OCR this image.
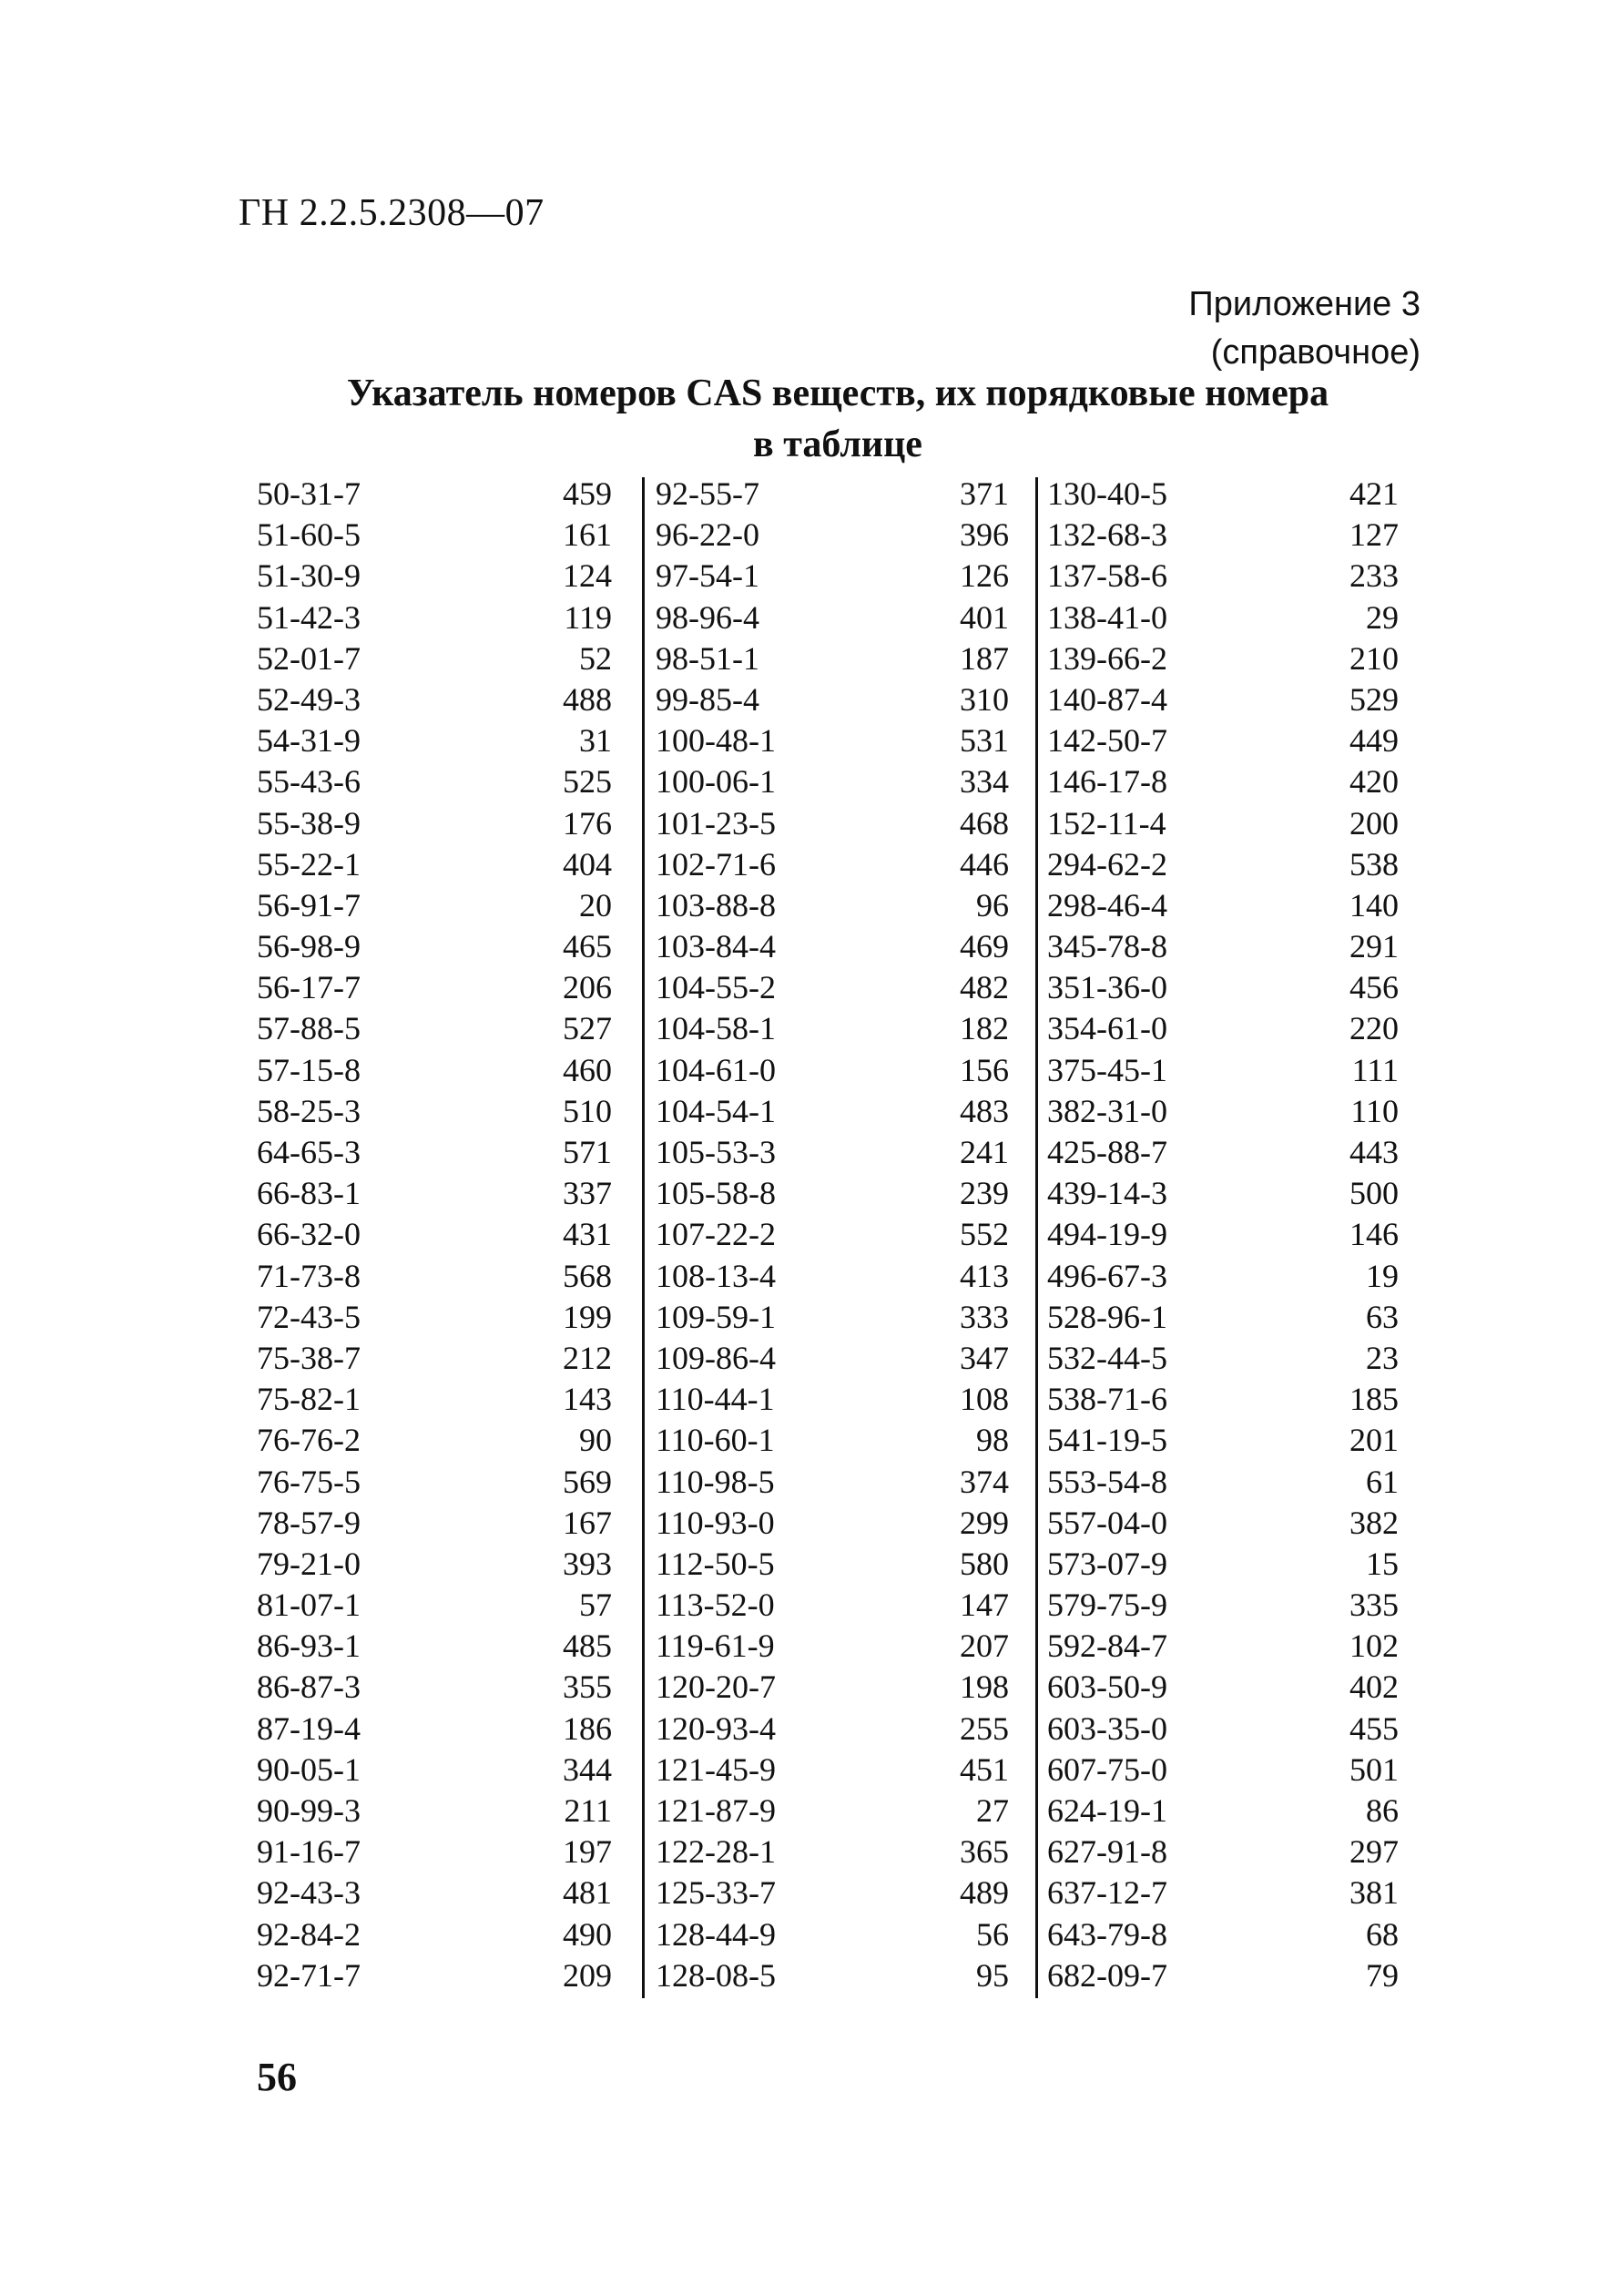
ГН 2.2.5.2308—07
Приложение 3
(справочное)
Указатель номеров CAS веществ, их порядковые номера
в таблице
50-31-7	459
51-60-5	161
51-30-9	124
51-42-3	119
52-01-7	52
52-49-3	488
54-31-9	31
55-43-6	525
55-38-9	176
55-22-1	404
56-91-7	20
56-98-9	465
56-17-7	206
57-88-5	527
57-15-8	460
58-25-3	510
64-65-3	571
66-83-1	337
66-32-0	431
71-73-8	568
72-43-5	199
75-38-7	212
75-82-1	143
76-76-2	90
76-75-5	569
78-57-9	167
79-21-0	393
81-07-1	57
86-93-1	485
86-87-3	355
87-19-4	186
90-05-1	344
90-99-3	211
91-16-7	197
92-43-3	481
92-84-2	490
92-71-7	209
92-55-7	371
96-22-0	396
97-54-1	126
98-96-4	401
98-51-1	187
99-85-4	310
100-48-1	531
100-06-1	334
101-23-5	468
102-71-6	446
103-88-8	96
103-84-4	469
104-55-2	482
104-58-1	182
104-61-0	156
104-54-1	483
105-53-3	241
105-58-8	239
107-22-2	552
108-13-4	413
109-59-1	333
109-86-4	347
110-44-1	108
110-60-1	98
110-98-5	374
110-93-0	299
112-50-5	580
113-52-0	147
119-61-9	207
120-20-7	198
120-93-4	255
121-45-9	451
121-87-9	27
122-28-1	365
125-33-7	489
128-44-9	56
128-08-5	95
130-40-5	421
132-68-3	127
137-58-6	233
138-41-0	29
139-66-2	210
140-87-4	529
142-50-7	449
146-17-8	420
152-11-4	200
294-62-2	538
298-46-4	140
345-78-8	291
351-36-0	456
354-61-0	220
375-45-1	111
382-31-0	110
425-88-7	443
439-14-3	500
494-19-9	146
496-67-3	19
528-96-1	63
532-44-5	23
538-71-6	185
541-19-5	201
553-54-8	61
557-04-0	382
573-07-9	15
579-75-9	335
592-84-7	102
603-50-9	402
603-35-0	455
607-75-0	501
624-19-1	86
627-91-8	297
637-12-7	381
643-79-8	68
682-09-7	79
56
